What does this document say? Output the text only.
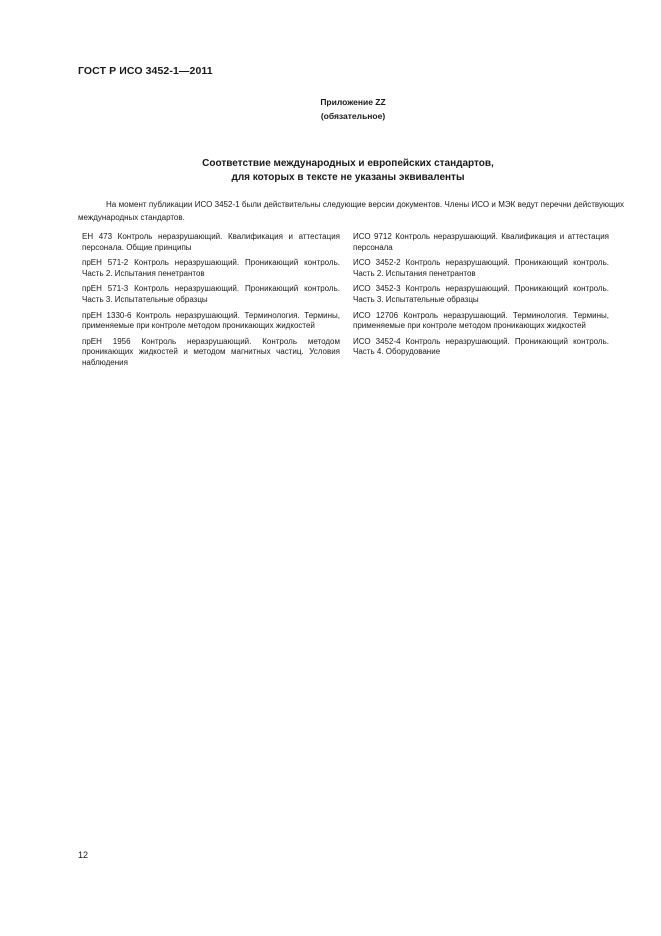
ГОСТ Р ИСО 3452-1—2011
Приложение ZZ
(обязательное)
Соответствие международных и европейских стандартов,
для которых в тексте не указаны эквиваленты
На момент публикации ИСО 3452-1 были действительны следующие версии документов. Члены ИСО и МЭК ведут перечни действующих международных стандартов.
ЕН 473 Контроль неразрушающий. Квалификация и аттестация персонала. Общие принципы
ИСО 9712 Контроль неразрушающий. Квалификация и аттестация персонала
прЕН 571-2 Контроль неразрушающий. Проникающий контроль. Часть 2. Испытания пенетрантов
ИСО 3452-2 Контроль неразрушающий. Проникающий контроль. Часть 2. Испытания пенетрантов
прЕН 571-3 Контроль неразрушающий. Проникающий контроль. Часть 3. Испытательные образцы
ИСО 3452-3 Контроль неразрушающий. Проникающий контроль. Часть 3. Испытательные образцы
прЕН 1330-6 Контроль неразрушающий. Терминология. Термины, применяемые при контроле методом проникающих жидкостей
ИСО 12706 Контроль неразрушающий. Терминология. Термины, применяемые при контроле методом проникающих жидкостей
прЕН 1956 Контроль неразрушающий. Контроль методом проникающих жидкостей и методом магнитных частиц. Условия наблюдения
ИСО 3452-4 Контроль неразрушающий. Проникающий контроль. Часть 4. Оборудование
12
